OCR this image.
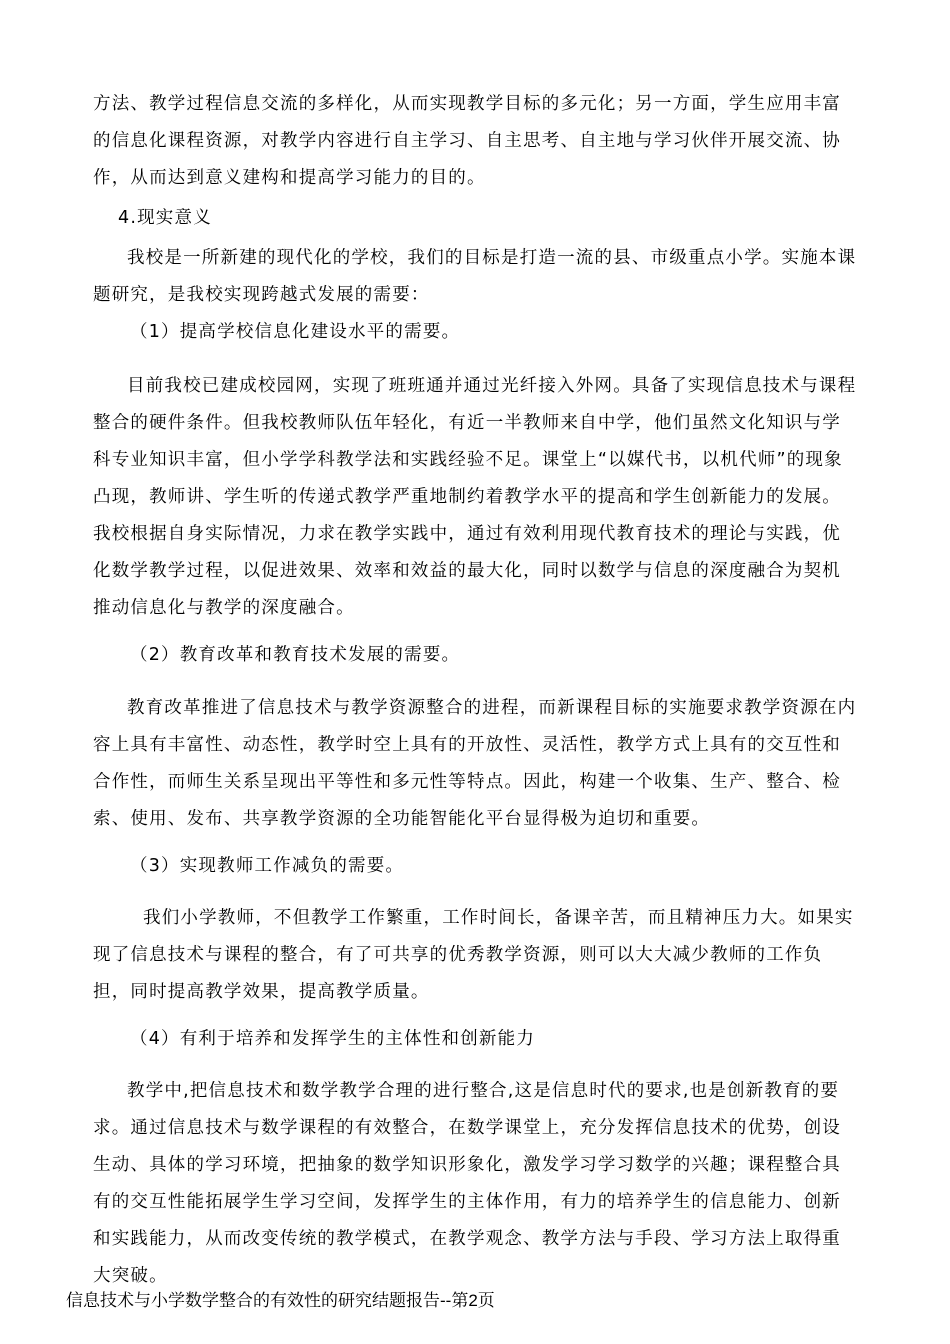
方法、教学过程信息交流的多样化，从而实现教学目标的多元化；另一方面，学生应用丰富的信息化课程资源，对教学内容进行自主学习、自主思考、自主地与学习伙伴开展交流、协作，从而达到意义建构和提高学习能力的目的。

4.现实意义

我校是一所新建的现代化的学校，我们的目标是打造一流的县、市级重点小学。实施本课题研究，是我校实现跨越式发展的需要：

（1）提高学校信息化建设水平的需要。

目前我校已建成校园网，实现了班班通并通过光纤接入外网。具备了实现信息技术与课程整合的硬件条件。但我校教师队伍年轻化，有近一半教师来自中学，他们虽然文化知识与学科专业知识丰富，但小学学科教学法和实践经验不足。课堂上“以媒代书，以机代师”的现象凸现，教师讲、学生听的传递式教学严重地制约着教学水平的提高和学生创新能力的发展。我校根据自身实际情况，力求在教学实践中，通过有效利用现代教育技术的理论与实践，优化数学教学过程，以促进效果、效率和效益的最大化，同时以数学与信息的深度融合为契机推动信息化与教学的深度融合。

（2）教育改革和教育技术发展的需要。

教育改革推进了信息技术与教学资源整合的进程，而新课程目标的实施要求教学资源在内容上具有丰富性、动态性，教学时空上具有的开放性、灵活性，教学方式上具有的交互性和合作性，而师生关系呈现出平等性和多元性等特点。因此，构建一个收集、生产、整合、检索、使用、发布、共享教学资源的全功能智能化平台显得极为迫切和重要。

（3）实现教师工作减负的需要。

我们小学教师，不但教学工作繁重，工作时间长，备课辛苦，而且精神压力大。如果实现了信息技术与课程的整合，有了可共享的优秀教学资源，则可以大大减少教师的工作负担，同时提高教学效果，提高教学质量。

（4）有利于培养和发挥学生的主体性和创新能力

教学中,把信息技术和数学教学合理的进行整合,这是信息时代的要求,也是创新教育的要求。通过信息技术与数学课程的有效整合，在数学课堂上，充分发挥信息技术的优势，创设生动、具体的学习环境，把抽象的数学知识形象化，激发学习学习数学的兴趣；课程整合具有的交互性能拓展学生学习空间，发挥学生的主体作用，有力的培养学生的信息能力、创新和实践能力，从而改变传统的教学模式，在教学观念、教学方法与手段、学习方法上取得重大突破。

信息技术与小学数学整合的有效性的研究结题报告--第2页
